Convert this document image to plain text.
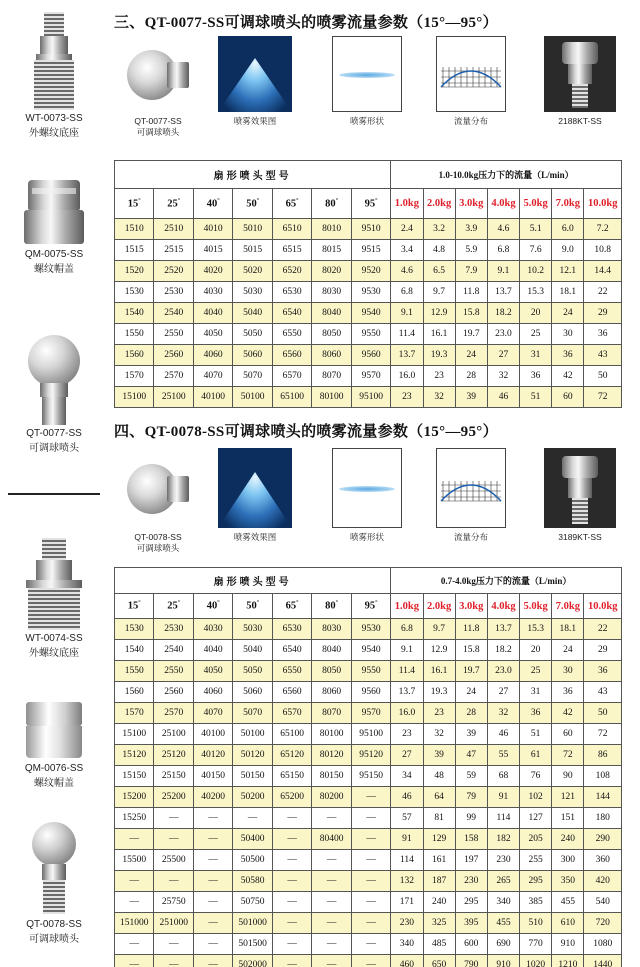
WT-0073-SS
外螺纹底座
QM-0075-SS
螺纹帽盖
QT-0077-SS
可调球喷头
WT-0074-SS
外螺纹底座
QM-0076-SS
螺纹帽盖
QT-0078-SS
可调球喷头
三、QT-0077-SS可调球喷头的喷雾流量参数（15°—95°）
QT-0077-SS
可调球喷头
喷雾效果图	喷雾形状	流量分布	2188KT-SS
扇形喷头型号							1.0-10.0kg压力下的流量（L/min）						
15°	25°	40°	50°	65°	80°	95°	1.0kg	2.0kg	3.0kg	4.0kg	5.0kg	7.0kg	10.0kg
1510	2510	4010	5010	6510	8010	9510	2.4	3.2	3.9	4.6	5.1	6.0	7.2
1515	2515	4015	5015	6515	8015	9515	3.4	4.8	5.9	6.8	7.6	9.0	10.8
1520	2520	4020	5020	6520	8020	9520	4.6	6.5	7.9	9.1	10.2	12.1	14.4
1530	2530	4030	5030	6530	8030	9530	6.8	9.7	11.8	13.7	15.3	18.1	22
1540	2540	4040	5040	6540	8040	9540	9.1	12.9	15.8	18.2	20	24	29
1550	2550	4050	5050	6550	8050	9550	11.4	16.1	19.7	23.0	25	30	36
1560	2560	4060	5060	6560	8060	9560	13.7	19.3	24	27	31	36	43
1570	2570	4070	5070	6570	8070	9570	16.0	23	28	32	36	42	50
15100	25100	40100	50100	65100	80100	95100	23	32	39	46	51	60	72
四、QT-0078-SS可调球喷头的喷雾流量参数（15°—95°）
QT-0078-SS
可调球喷头
喷雾效果图	喷雾形状	流量分布	3189KT-SS
扇形喷头型号							0.7-4.0kg压力下的流量（L/min）						
15°	25°	40°	50°	65°	80°	95°	1.0kg	2.0kg	3.0kg	4.0kg	5.0kg	7.0kg	10.0kg
1530	2530	4030	5030	6530	8030	9530	6.8	9.7	11.8	13.7	15.3	18.1	22
1540	2540	4040	5040	6540	8040	9540	9.1	12.9	15.8	18.2	20	24	29
1550	2550	4050	5050	6550	8050	9550	11.4	16.1	19.7	23.0	25	30	36
1560	2560	4060	5060	6560	8060	9560	13.7	19.3	24	27	31	36	43
1570	2570	4070	5070	6570	8070	9570	16.0	23	28	32	36	42	50
15100	25100	40100	50100	65100	80100	95100	23	32	39	46	51	60	72
15120	25120	40120	50120	65120	80120	95120	27	39	47	55	61	72	86
15150	25150	40150	50150	65150	80150	95150	34	48	59	68	76	90	108
15200	25200	40200	50200	65200	80200	—	46	64	79	91	102	121	144
15250	—	—	—	—	—	—	57	81	99	114	127	151	180
—	—	—	50400	—	80400	—	91	129	158	182	205	240	290
15500	25500	—	50500	—	—	—	114	161	197	230	255	300	360
—	—	—	50580	—	—	—	132	187	230	265	295	350	420
—	25750	—	50750	—	—	—	171	240	295	340	385	455	540
151000	251000	—	501000	—	—	—	230	325	395	455	510	610	720
—	—	—	501500	—	—	—	340	485	600	690	770	910	1080
—	—	—	502000	—	—	—	460	650	790	910	1020	1210	1440
